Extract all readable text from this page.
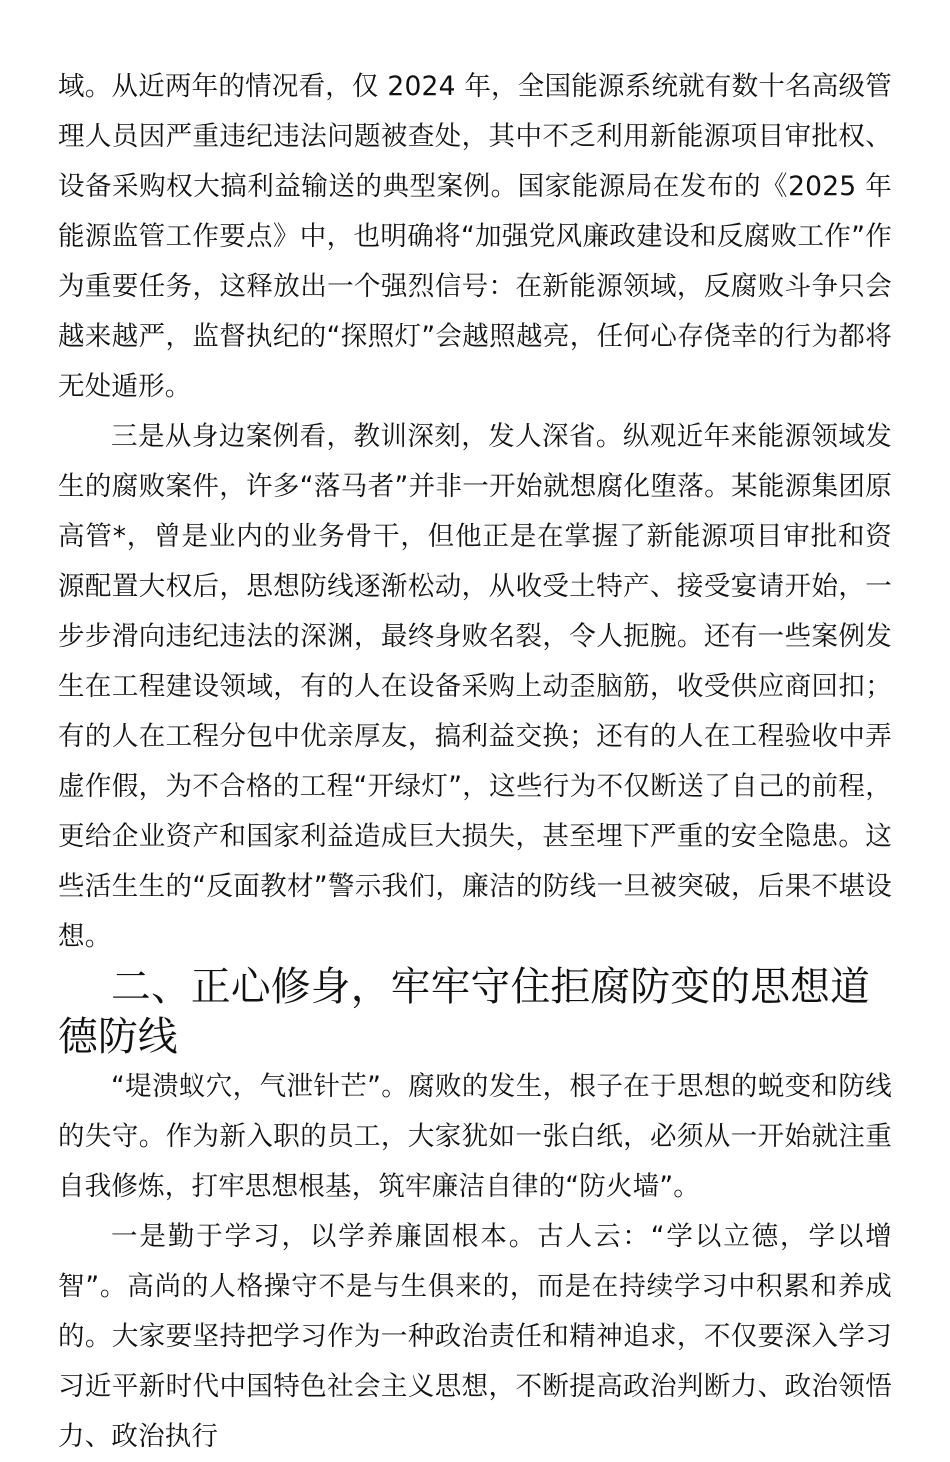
域。从近两年的情况看，仅 2024 年，全国能源系统就有数十名高级管理人员因严重违纪违法问题被查处，其中不乏利用新能源项目审批权、设备采购权大搞利益输送的典型案例。国家能源局在发布的《2025 年能源监管工作要点》中，也明确将“加强党风廉政建设和反腐败工作”作为重要任务，这释放出一个强烈信号：在新能源领域，反腐败斗争只会越来越严，监督执纪的“探照灯”会越照越亮，任何心存侥幸的行为都将无处遁形。

三是从身边案例看，教训深刻，发人深省。纵观近年来能源领域发生的腐败案件，许多“落马者”并非一开始就想腐化堕落。某能源集团原高管*，曾是业内的业务骨干，但他正是在掌握了新能源项目审批和资源配置大权后，思想防线逐渐松动，从收受土特产、接受宴请开始，一步步滑向违纪违法的深渊，最终身败名裂，令人扼腕。还有一些案例发生在工程建设领域，有的人在设备采购上动歪脑筋，收受供应商回扣；有的人在工程分包中优亲厚友，搞利益交换；还有的人在工程验收中弄虚作假，为不合格的工程“开绿灯”，这些行为不仅断送了自己的前程，更给企业资产和国家利益造成巨大损失，甚至埋下严重的安全隐患。这些活生生的“反面教材”警示我们，廉洁的防线一旦被突破，后果不堪设想。

二、正心修身，牢牢守住拒腐防变的思想道德防线

“堤溃蚁穴，气泄针芒”。腐败的发生，根子在于思想的蜕变和防线的失守。作为新入职的员工，大家犹如一张白纸，必须从一开始就注重自我修炼，打牢思想根基，筑牢廉洁自律的“防火墙”。

一是勤于学习，以学养廉固根本。古人云：“学以立德，学以增智”。高尚的人格操守不是与生俱来的，而是在持续学习中积累和养成的。大家要坚持把学习作为一种政治责任和精神追求，不仅要深入学习习近平新时代中国特色社会主义思想，不断提高政治判断力、政治领悟力、政治执行
